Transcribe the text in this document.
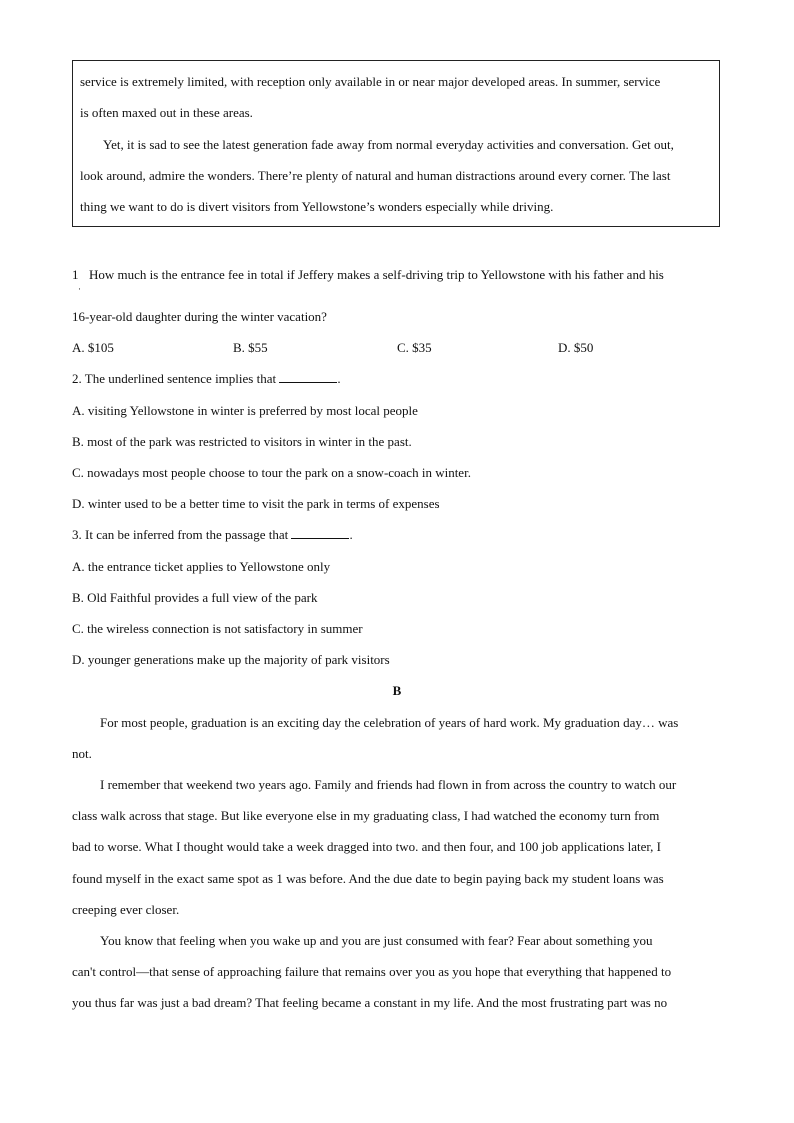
service is extremely limited, with reception only available in or near major developed areas. In summer, service
is often maxed out in these areas.
Yet, it is sad to see the latest generation fade away from normal everyday activities and conversation. Get out,
look around, admire the wonders. There’re plenty of natural and human distractions around every corner. The last
thing we want to do is divert visitors from Yellowstone’s wonders especially while driving.
1
·
How much is the entrance fee in total if Jeffery makes a self-driving trip to Yellowstone with his father and his
16-year-old daughter during the winter vacation?
A. $105	B. $55	C. $35	D. $50
2. The underlined sentence implies that	.
A. visiting Yellowstone in winter is preferred by most local people
B. most of the park was restricted to visitors in winter in the past.
C. nowadays most people choose to tour the park on a snow-coach in winter.
D. winter used to be a better time to visit the park in terms of expenses
3. It can be inferred from the passage that	.
A. the entrance ticket applies to Yellowstone only
B. Old Faithful provides a full view of the park
C. the wireless connection is not satisfactory in summer
D. younger generations make up the majority of park visitors
B
For most people, graduation is an exciting day the celebration of years of hard work. My graduation day… was
not.
I remember that weekend two years ago. Family and friends had flown in from across the country to watch our
class walk across that stage. But like everyone else in my graduating class, I had watched the economy turn from
bad to worse. What I thought would take a week dragged into two. and then four, and 100 job applications later, I
found myself in the exact same spot as 1 was before. And the due date to begin paying back my student loans was
creeping ever closer.
You know that feeling when you wake up and you are just consumed with fear? Fear about something you
can't control—that sense of approaching failure that remains over you as you hope that everything that happened to
you thus far was just a bad dream? That feeling became a constant in my life. And the most frustrating part was no
